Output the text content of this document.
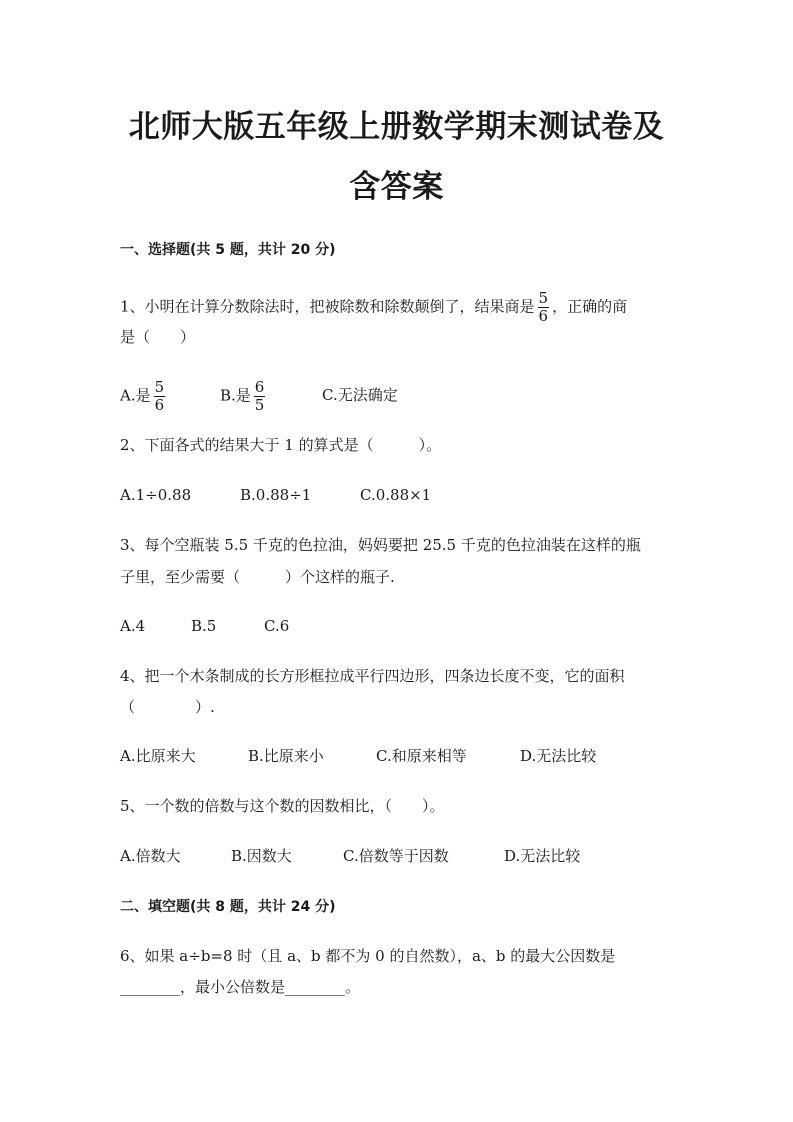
北师大版五年级上册数学期末测试卷及
含答案
一、选择题(共 5 题，共计 20 分)
1、小明在计算分数除法时，把被除数和除数颠倒了，结果商是 $\frac{5}{6}$ ，正确的商
是（　　）
A.是 $\frac{5}{6}$	B.是 $\frac{6}{5}$	C.无法确定
2、下面各式的结果大于 1 的算式是（　　　）。
A.1÷0.88	B.0.88÷1	C.0.88×1
3、每个空瓶装 5.5 千克的色拉油，妈妈要把 25.5 千克的色拉油装在这样的瓶
子里，至少需要（　　　）个这样的瓶子.
A.4	B.5	C.6
4、把一个木条制成的长方形框拉成平行四边形，四条边长度不变，它的面积
（　　　　）.
A.比原来大	B.比原来小	C.和原来相等	D.无法比较
5、一个数的倍数与这个数的因数相比，（　　）。
A.倍数大	B.因数大	C.倍数等于因数	D.无法比较
二、填空题(共 8 题，共计 24 分)
6、如果 a÷b=8 时（且 a、b 都不为 0 的自然数），a、b 的最大公因数是
________，最小公倍数是________。
